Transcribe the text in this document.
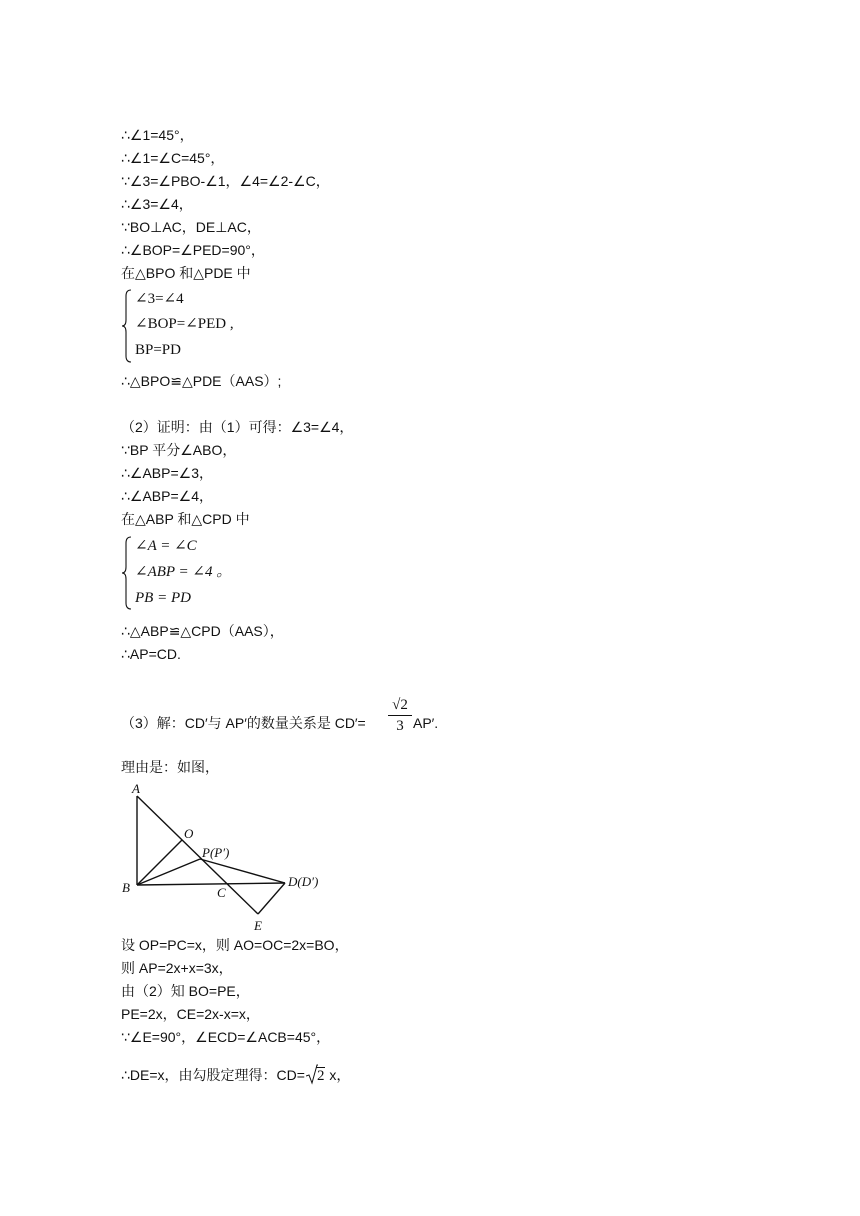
∴∠1=45°，
∴∠1=∠C=45°，
∵∠3=∠PBO-∠1，∠4=∠2-∠C，
∴∠3=∠4，
∵BO⊥AC，DE⊥AC，
∴∠BOP=∠PED=90°，
在△BPO 和△PDE 中
∠3=∠4
∠BOP=∠PED ,
BP=PD
∴△BPO≌△PDE（AAS）;
（2）证明：由（1）可得：∠3=∠4，
∵BP 平分∠ABO，
∴∠ABP=∠3，
∴∠ABP=∠4，
在△ABP 和△CPD 中
∠A = ∠C
∠ABP = ∠4 。
PB = PD
∴△ABP≌△CPD（AAS），
∴AP=CD.
（3）解：CD′与 AP′的数量关系是 $CD'= \frac{√2}{3} AP'$.
理由是：如图，
A
O
P(P′)
B	C
D(D′)
E
设 OP=PC=x，则 AO=OC=2x=BO，
则 AP=2x+x=3x，
由（2）知 BO=PE，
PE=2x，CE=2x-x=x，
∵∠E=90°，∠ECD=∠ACB=45°，
∴DE=x，由勾股定理得：CD= 2 x，
